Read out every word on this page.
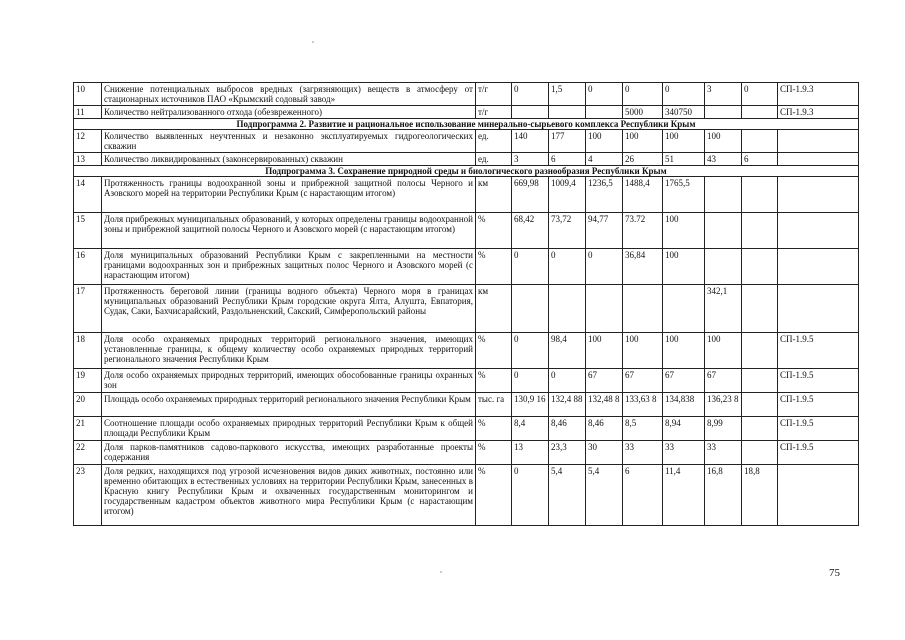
10	Снижение потенциальных выбросов вредных (загрязняющих) веществ в атмосферу от стационарных источников ПАО «Крымский содовый завод»	т/г	0	1,5	0	0	0	3	0	СП-1.9.3
11	Количество нейтрализованного отхода (обезвреженного)	т/г				5000	340750			СП-1.9.3
Подпрограмма 2. Развитие и рациональное использование минерально-сырьевого комплекса Республики Крым										
12	Количество выявленных неучтенных и незаконно эксплуатируемых гидрогеологических скважин	ед.	140	177	100	100	100	100		
13	Количество ликвидированных (законсервированных) скважин	ед.	3	6	4	26	51	43	6	
Подпрограмма 3. Сохранение природной среды и биологического разнообразия Республики Крым										
14	Протяженность границы водоохранной зоны и прибрежной защитной полосы Черного и Азовского морей на территории Республики Крым (с нарастающим итогом)	км	669,98	1009,4	1236,5	1488,4	1765,5			
15	Доля прибрежных муниципальных образований, у которых определены границы водоохранной зоны и прибрежной защитной полосы Черного и Азовского морей (с нарастающим итогом)	%	68,42	73,72	94,77	73.72	100			
16	Доля муниципальных образований Республики Крым с закрепленными на местности границами водоохранных зон и прибрежных защитных полос Черного и Азовского морей (с нарастающим итогом)	%	0	0	0	36,84	100			
17	Протяженность береговой линии (границы водного объекта) Черного моря в границах муниципальных образований Республики Крым городские округа Ялта, Алушта, Евпатория, Судак, Саки, Бахчисарайский, Раздольненский, Сакский, Симферопольский районы	км						342,1		
18	Доля особо охраняемых природных территорий регионального значения, имеющих установленные границы, к общему количеству особо охраняемых природных территорий регионального значения Республики Крым	%	0	98,4	100	100	100	100		СП-1.9.5
19	Доля особо охраняемых природных территорий, имеющих обособованные границы охранных зон	%	0	0	67	67	67	67		СП-1.9.5
20	Площадь особо охраняемых природных территорий регионального значения Республики Крым	тыс. га	130,9 16	132,4 88	132,48 8	133,63 8	134,838	136,23 8		СП-1.9.5
21	Соотношение площади особо охраняемых природных территорий Республики Крым к общей площади Республики Крым	%	8,4	8,46	8,46	8,5	8,94	8,99		СП-1.9.5
22	Доля парков-памятников садово-паркового искусства, имеющих разработанные проекты содержания	%	13	23,3	30	33	33	33		СП-1.9.5
23	Доля редких, находящихся под угрозой исчезновения видов диких животных, постоянно или временно обитающих в естественных условиях на территории Республики Крым, занесенных в Красную книгу Республики Крым и охваченных государственным мониторингом и государственным кадастром объектов животного мира Республики Крым (с нарастающим итогом)	%	0	5,4	5,4	6	11,4	16,8	18,8	
75
